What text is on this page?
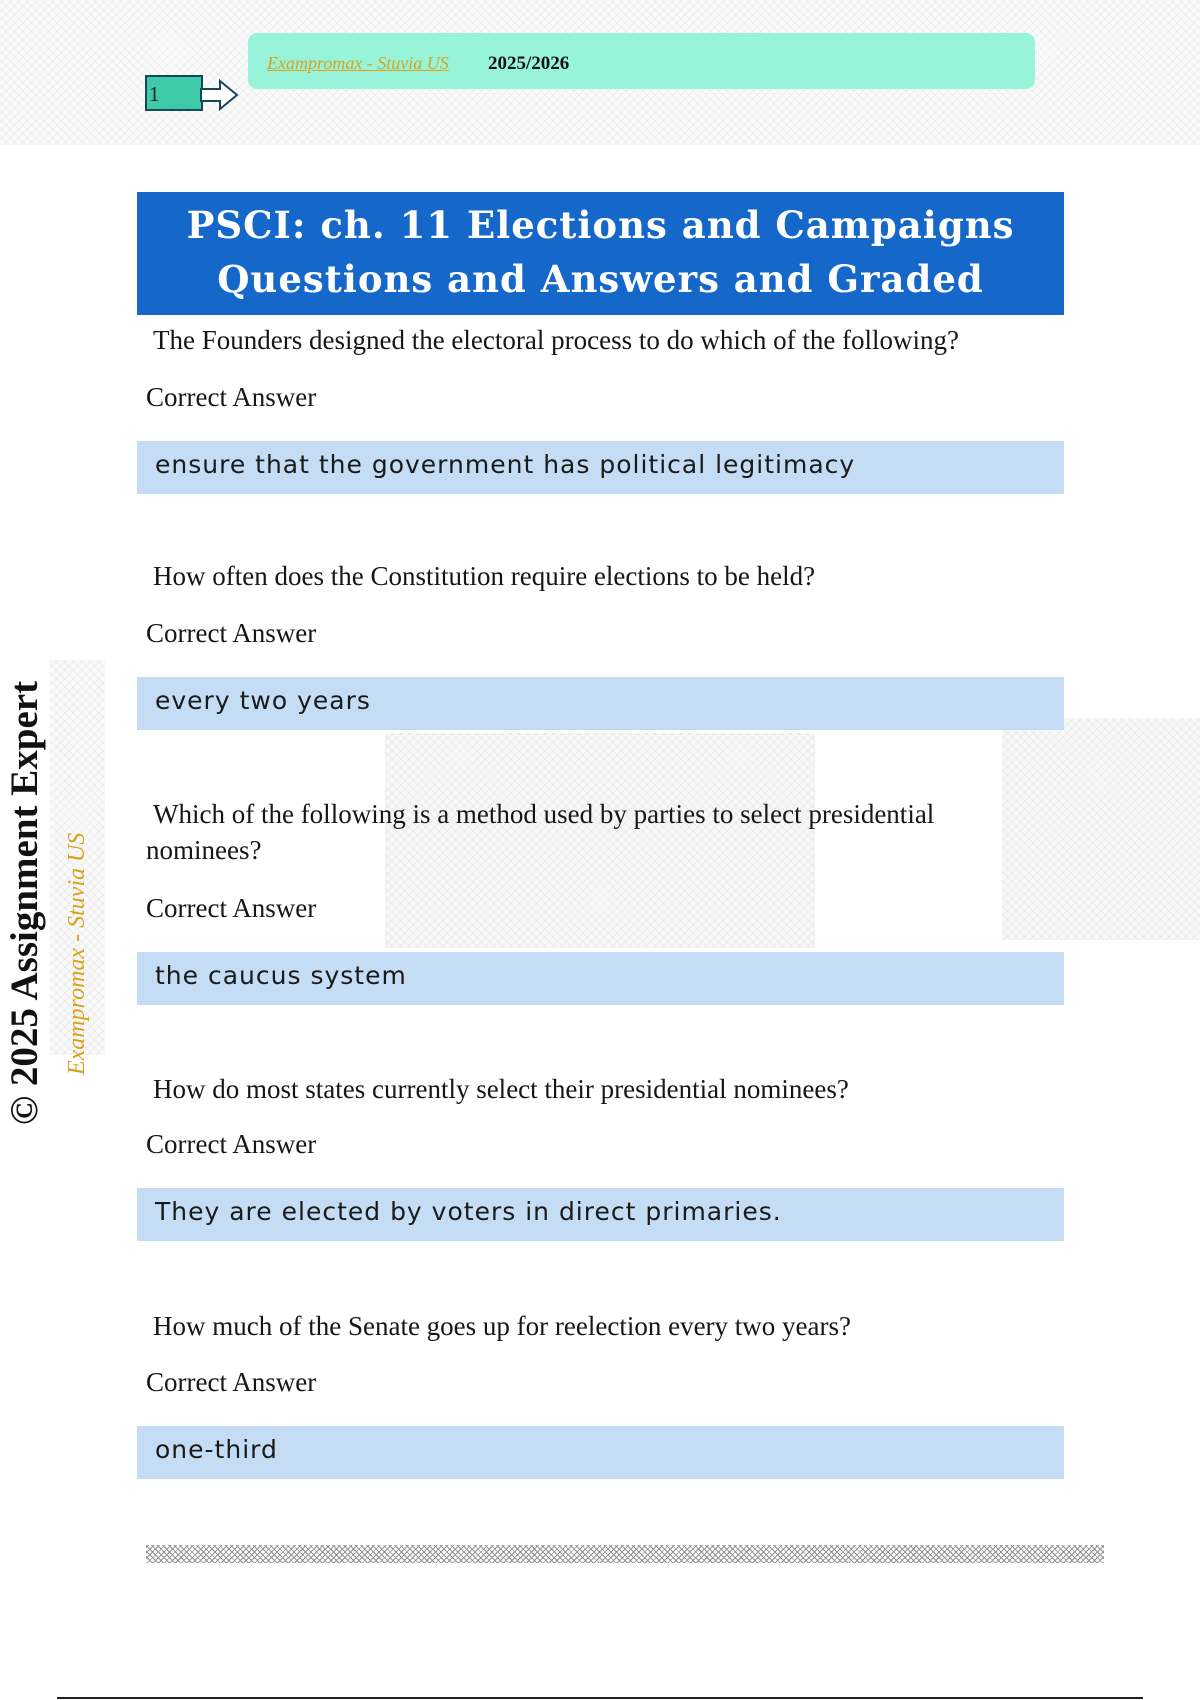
1
Exampromax - Stuvia US 2025/2026
© 2025 Assignment Expert Exampromax - Stuvia US
PSCI: ch. 11 Elections and Campaigns
Questions and Answers and Graded
The Founders designed the electoral process to do which of the following?
Correct Answer
ensure that the government has political legitimacy
How often does the Constitution require elections to be held?
Correct Answer
every two years
Which of the following is a method used by parties to select presidential
nominees?
Correct Answer
the caucus system
How do most states currently select their presidential nominees?
Correct Answer
They are elected by voters in direct primaries.
How much of the Senate goes up for reelection every two years?
Correct Answer
one-third
